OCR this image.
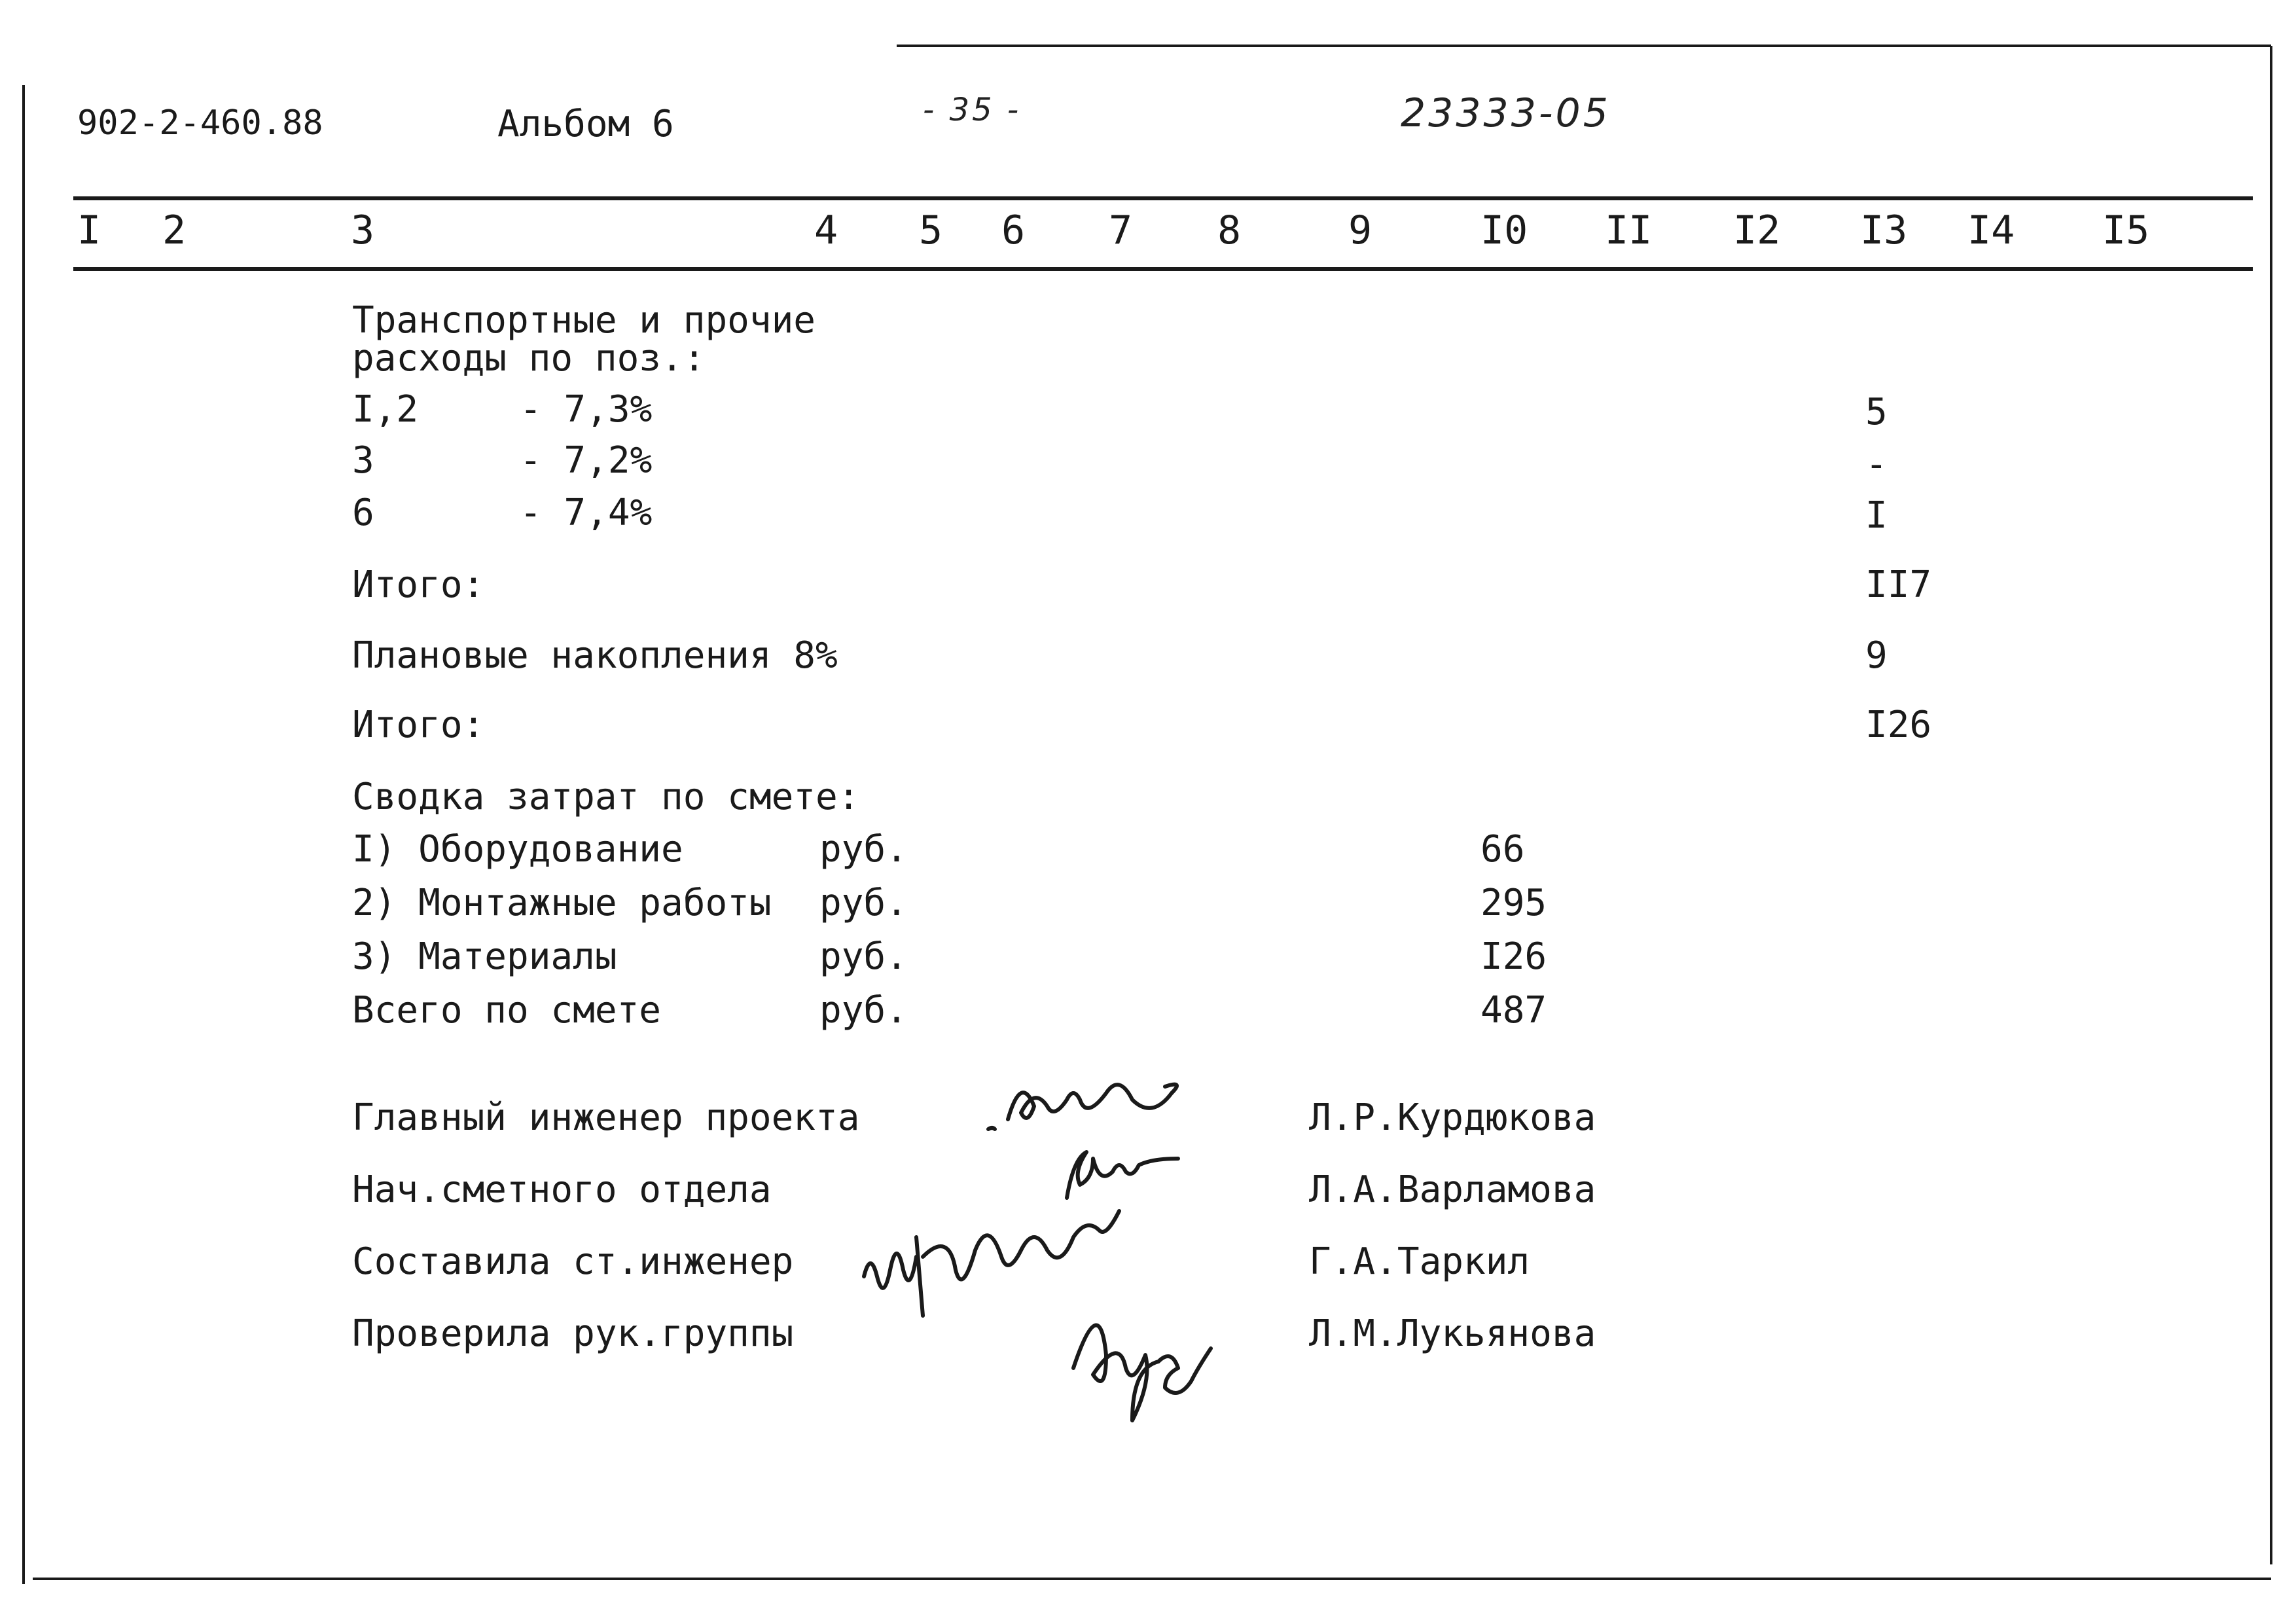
902-2-460.88	Альбом 6	- 35 -	23333-05
I 2	3	4 5 6 7 8	9	I0 II I2 I3 I4 I5
Транспортные и прочие
расходы по поз.:
I,2	- 7,3%	5
3	- 7,2%	-
6	- 7,4%	I
Итого:	II7
Плановые накопления 8%	9
Итого:	I26
Сводка затрат по смете:
I) Оборудование	руб.	66
2) Монтажные работы руб.	295
3) Материалы	руб.	I26
Всего по смете	руб.	487
Главный инженер проекта	Л.Р.Курдюкова
Нач.сметного отдела	Л.А.Варламова
Составила ст.инженер	Г.А.Таркил
Проверила рук.группы	Л.М.Лукьянова
